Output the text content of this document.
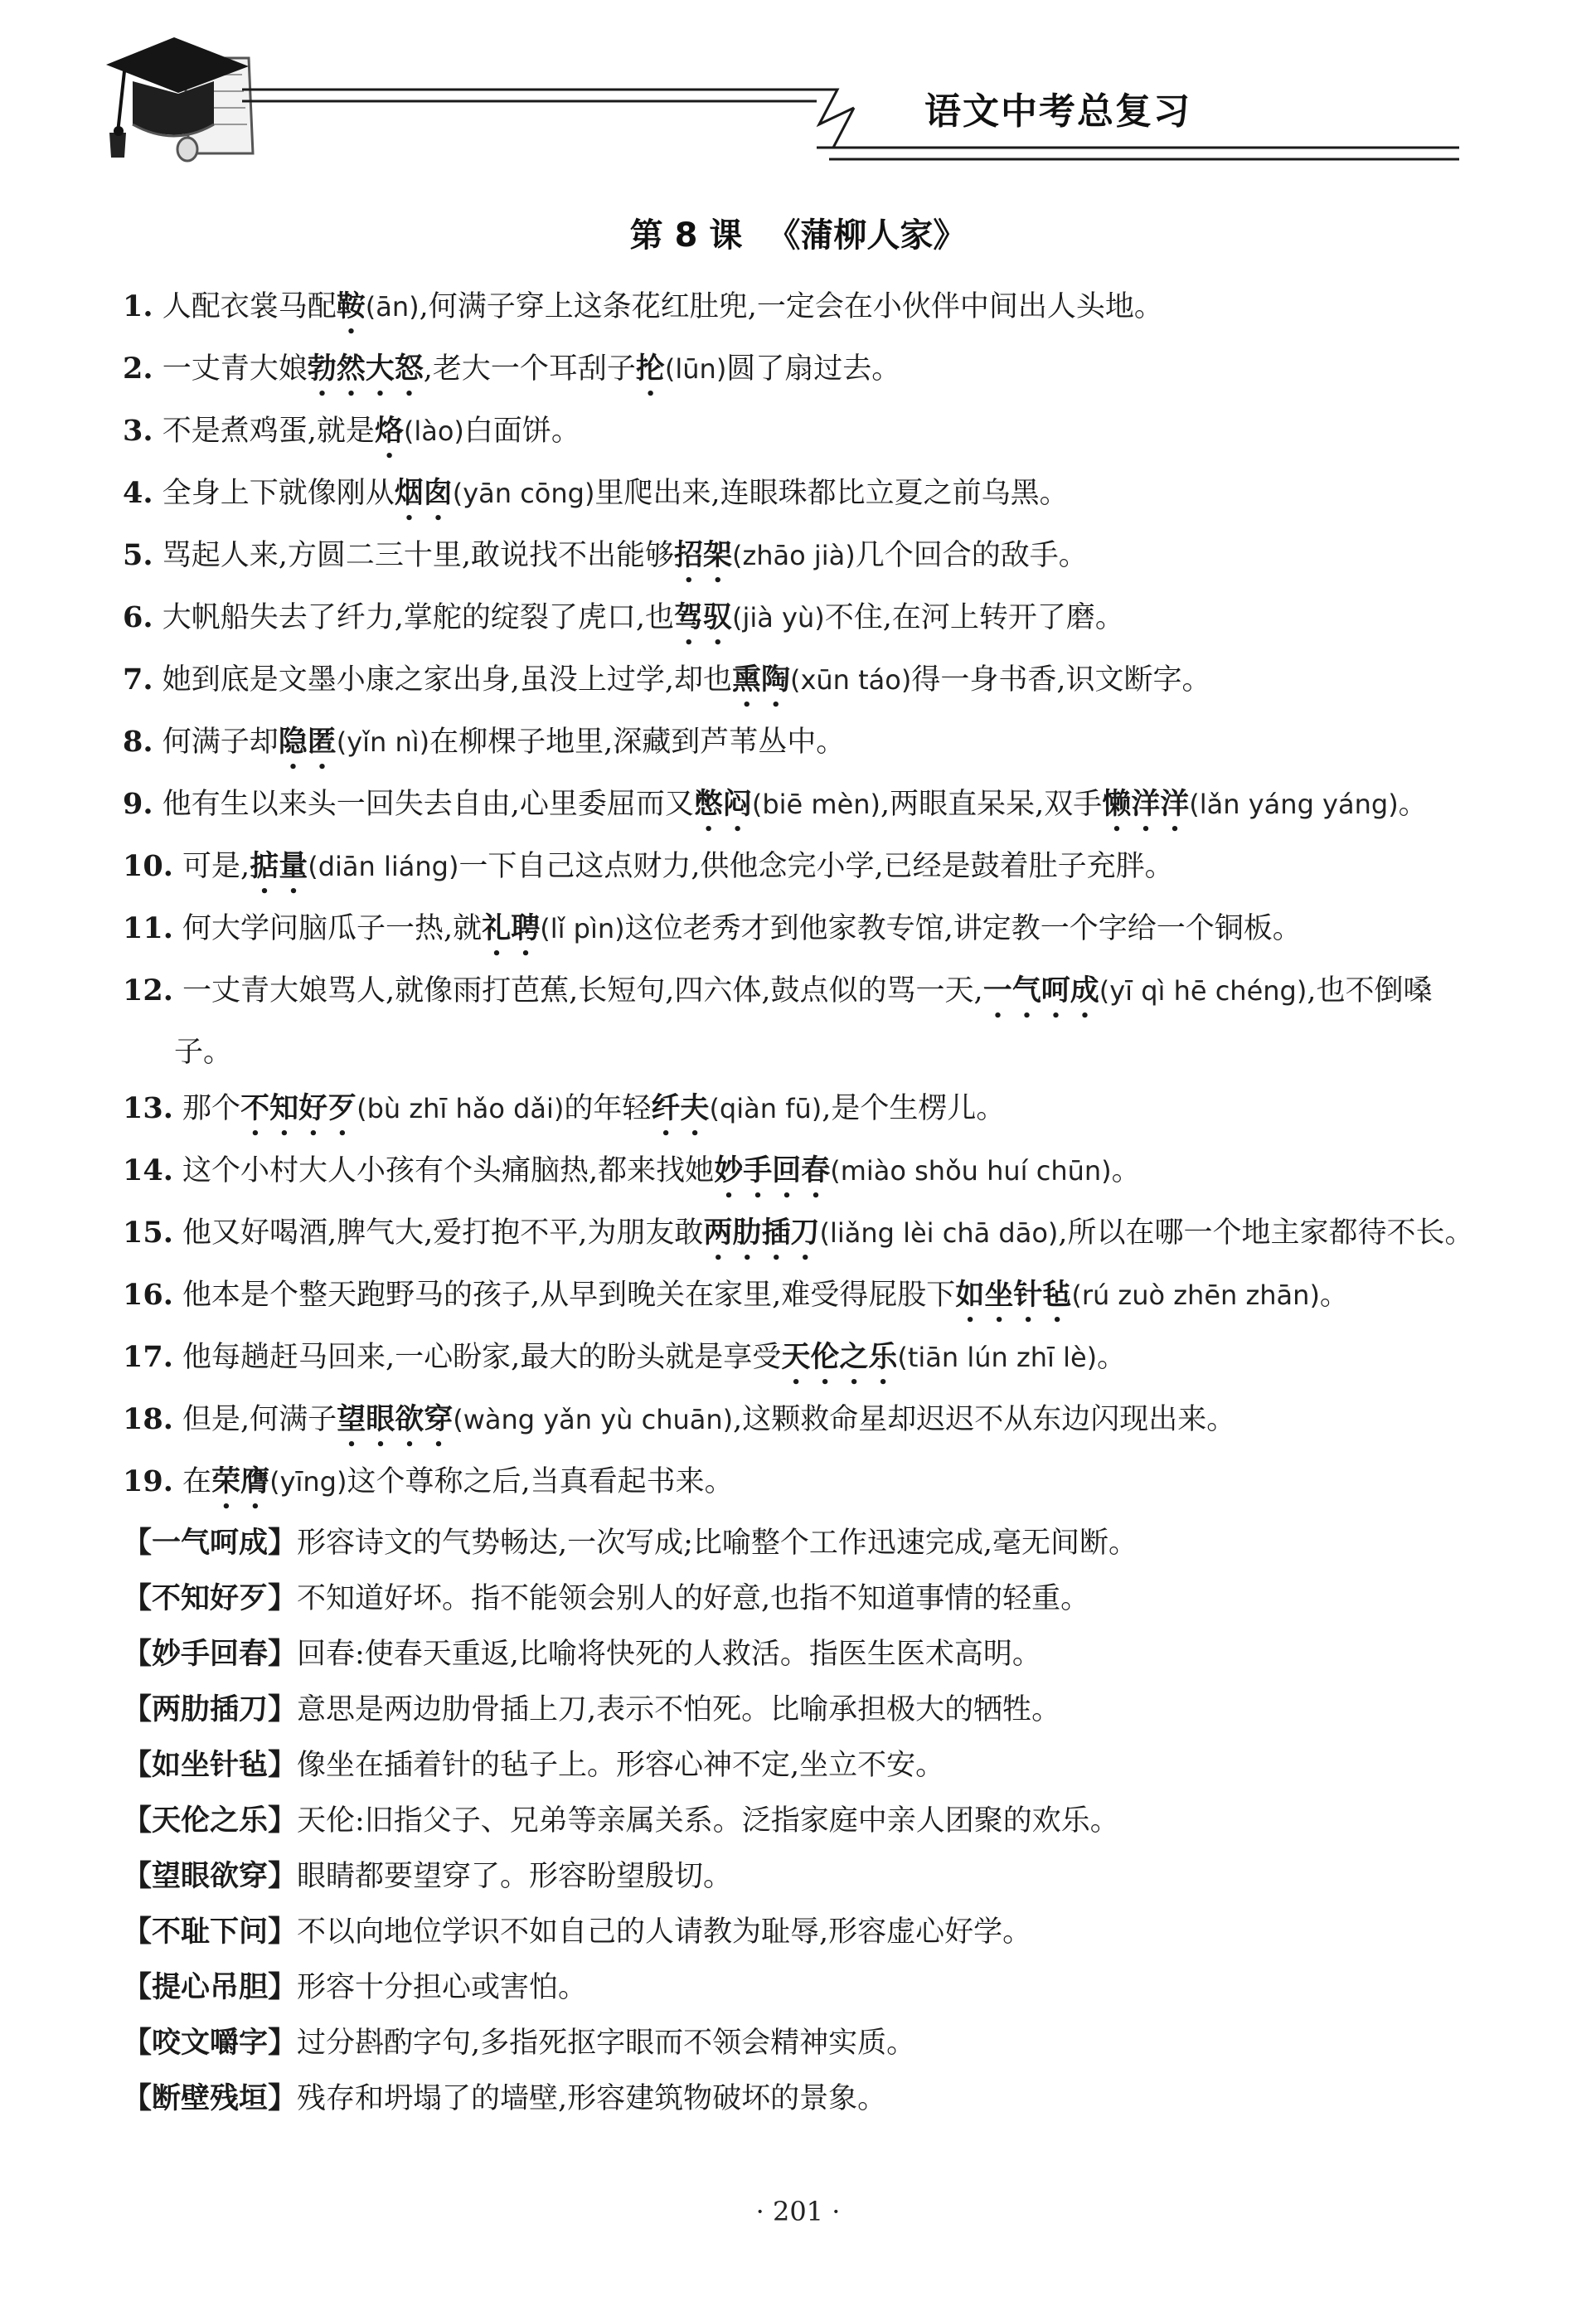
语文中考总复习
第 8 课 《蒲柳人家》
1. 人配衣裳马配鞍(ān),何满子穿上这条花红肚兜,一定会在小伙伴中间出人头地。
2. 一丈青大娘勃然大怒,老大一个耳刮子抡(lūn)圆了扇过去。
3. 不是煮鸡蛋,就是烙(lào)白面饼。
4. 全身上下就像刚从烟囱(yān cōng)里爬出来,连眼珠都比立夏之前乌黑。
5. 骂起人来,方圆二三十里,敢说找不出能够招架(zhāo jià)几个回合的敌手。
6. 大帆船失去了纤力,掌舵的绽裂了虎口,也驾驭(jià yù)不住,在河上转开了磨。
7. 她到底是文墨小康之家出身,虽没上过学,却也熏陶(xūn táo)得一身书香,识文断字。
8. 何满子却隐匿(yǐn nì)在柳棵子地里,深藏到芦苇丛中。
9. 他有生以来头一回失去自由,心里委屈而又憋闷(biē mèn),两眼直呆呆,双手懒洋洋(lǎn yáng yáng)。
10. 可是,掂量(diān liáng)一下自己这点财力,供他念完小学,已经是鼓着肚子充胖。
11. 何大学问脑瓜子一热,就礼聘(lǐ pìn)这位老秀才到他家教专馆,讲定教一个字给一个铜板。
12. 一丈青大娘骂人,就像雨打芭蕉,长短句,四六体,鼓点似的骂一天,一气呵成(yī qì hē chéng),也不倒嗓子。
13. 那个不知好歹(bù zhī hǎo dǎi)的年轻纤夫(qiàn fū),是个生楞儿。
14. 这个小村大人小孩有个头痛脑热,都来找她妙手回春(miào shǒu huí chūn)。
15. 他又好喝酒,脾气大,爱打抱不平,为朋友敢两肋插刀(liǎng lèi chā dāo),所以在哪一个地主家都待不长。
16. 他本是个整天跑野马的孩子,从早到晚关在家里,难受得屁股下如坐针毡(rú zuò zhēn zhān)。
17. 他每趟赶马回来,一心盼家,最大的盼头就是享受天伦之乐(tiān lún zhī lè)。
18. 但是,何满子望眼欲穿(wàng yǎn yù chuān),这颗救命星却迟迟不从东边闪现出来。
19. 在荣膺(yīng)这个尊称之后,当真看起书来。
【一气呵成】形容诗文的气势畅达,一次写成;比喻整个工作迅速完成,毫无间断。
【不知好歹】不知道好坏。指不能领会别人的好意,也指不知道事情的轻重。
【妙手回春】回春:使春天重返,比喻将快死的人救活。指医生医术高明。
【两肋插刀】意思是两边肋骨插上刀,表示不怕死。比喻承担极大的牺牲。
【如坐针毡】像坐在插着针的毡子上。形容心神不定,坐立不安。
【天伦之乐】天伦:旧指父子、兄弟等亲属关系。泛指家庭中亲人团聚的欢乐。
【望眼欲穿】眼睛都要望穿了。形容盼望殷切。
【不耻下问】不以向地位学识不如自己的人请教为耻辱,形容虚心好学。
【提心吊胆】形容十分担心或害怕。
【咬文嚼字】过分斟酌字句,多指死抠字眼而不领会精神实质。
【断壁残垣】残存和坍塌了的墙壁,形容建筑物破坏的景象。
· 201 ·
